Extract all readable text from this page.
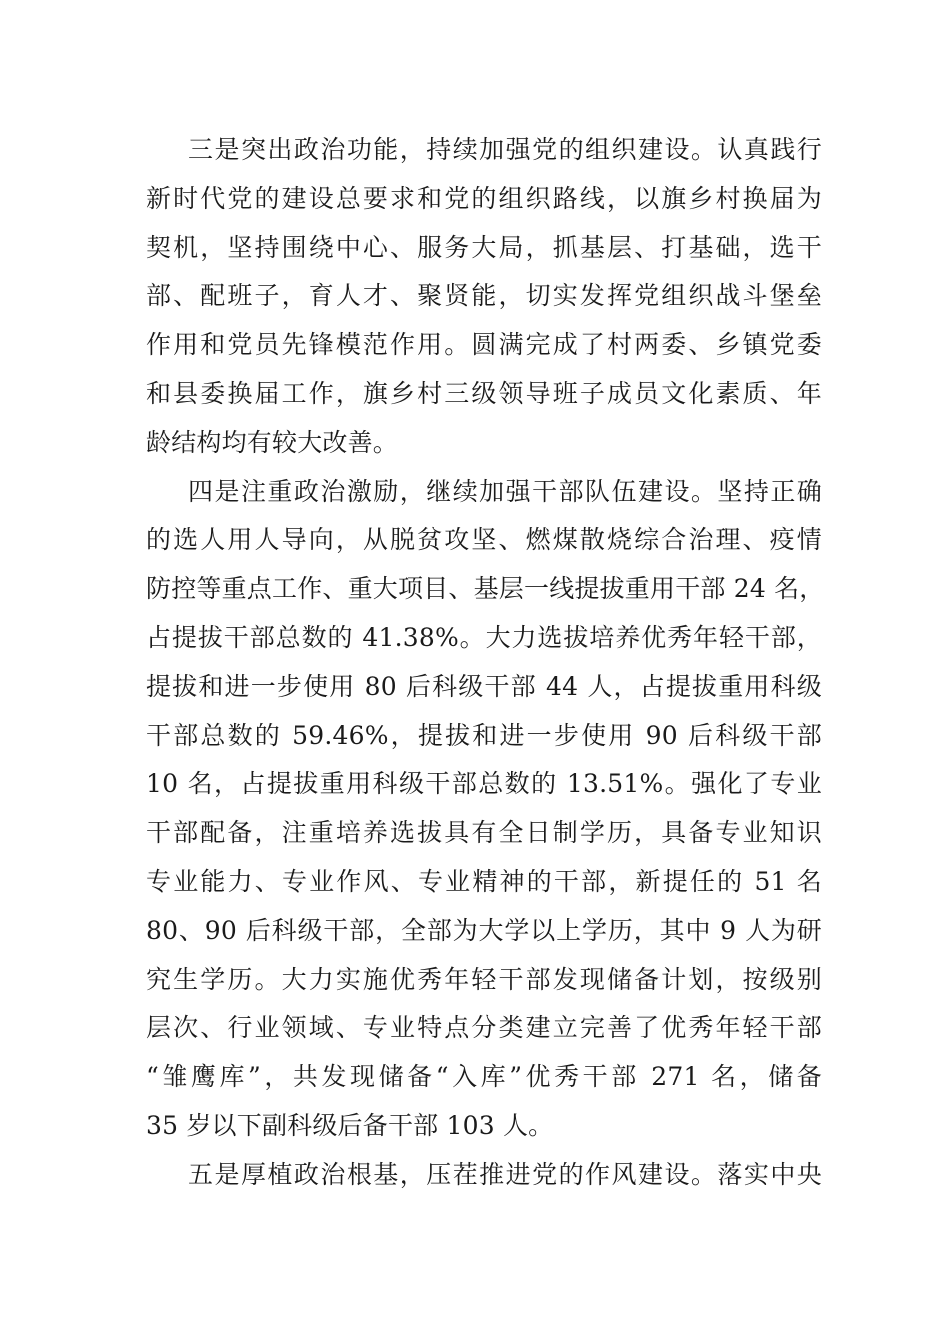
三是突出政治功能，持续加强党的组织建设。认真践行
新时代党的建设总要求和党的组织路线，以旗乡村换届为
契机，坚持围绕中心、服务大局，抓基层、打基础，选干
部、配班子，育人才、聚贤能，切实发挥党组织战斗堡垒
作用和党员先锋模范作用。圆满完成了村两委、乡镇党委
和县委换届工作，旗乡村三级领导班子成员文化素质、年
龄结构均有较大改善。
四是注重政治激励，继续加强干部队伍建设。坚持正确
的选人用人导向，从脱贫攻坚、燃煤散烧综合治理、疫情
防控等重点工作、重大项目、基层一线提拔重用干部 24 名，
占提拔干部总数的 41.38%。大力选拔培养优秀年轻干部，
提拔和进一步使用 80 后科级干部 44 人，占提拔重用科级
干部总数的 59.46%，提拔和进一步使用 90 后科级干部
10 名，占提拔重用科级干部总数的 13.51%。强化了专业
干部配备，注重培养选拔具有全日制学历，具备专业知识
专业能力、专业作风、专业精神的干部，新提任的 51 名
80、90 后科级干部，全部为大学以上学历，其中 9 人为研
究生学历。大力实施优秀年轻干部发现储备计划，按级别
层次、行业领域、专业特点分类建立完善了优秀年轻干部
“雏鹰库”，共发现储备“入库”优秀干部 271 名，储备
35 岁以下副科级后备干部 103 人。
五是厚植政治根基，压茬推进党的作风建设。落实中央
